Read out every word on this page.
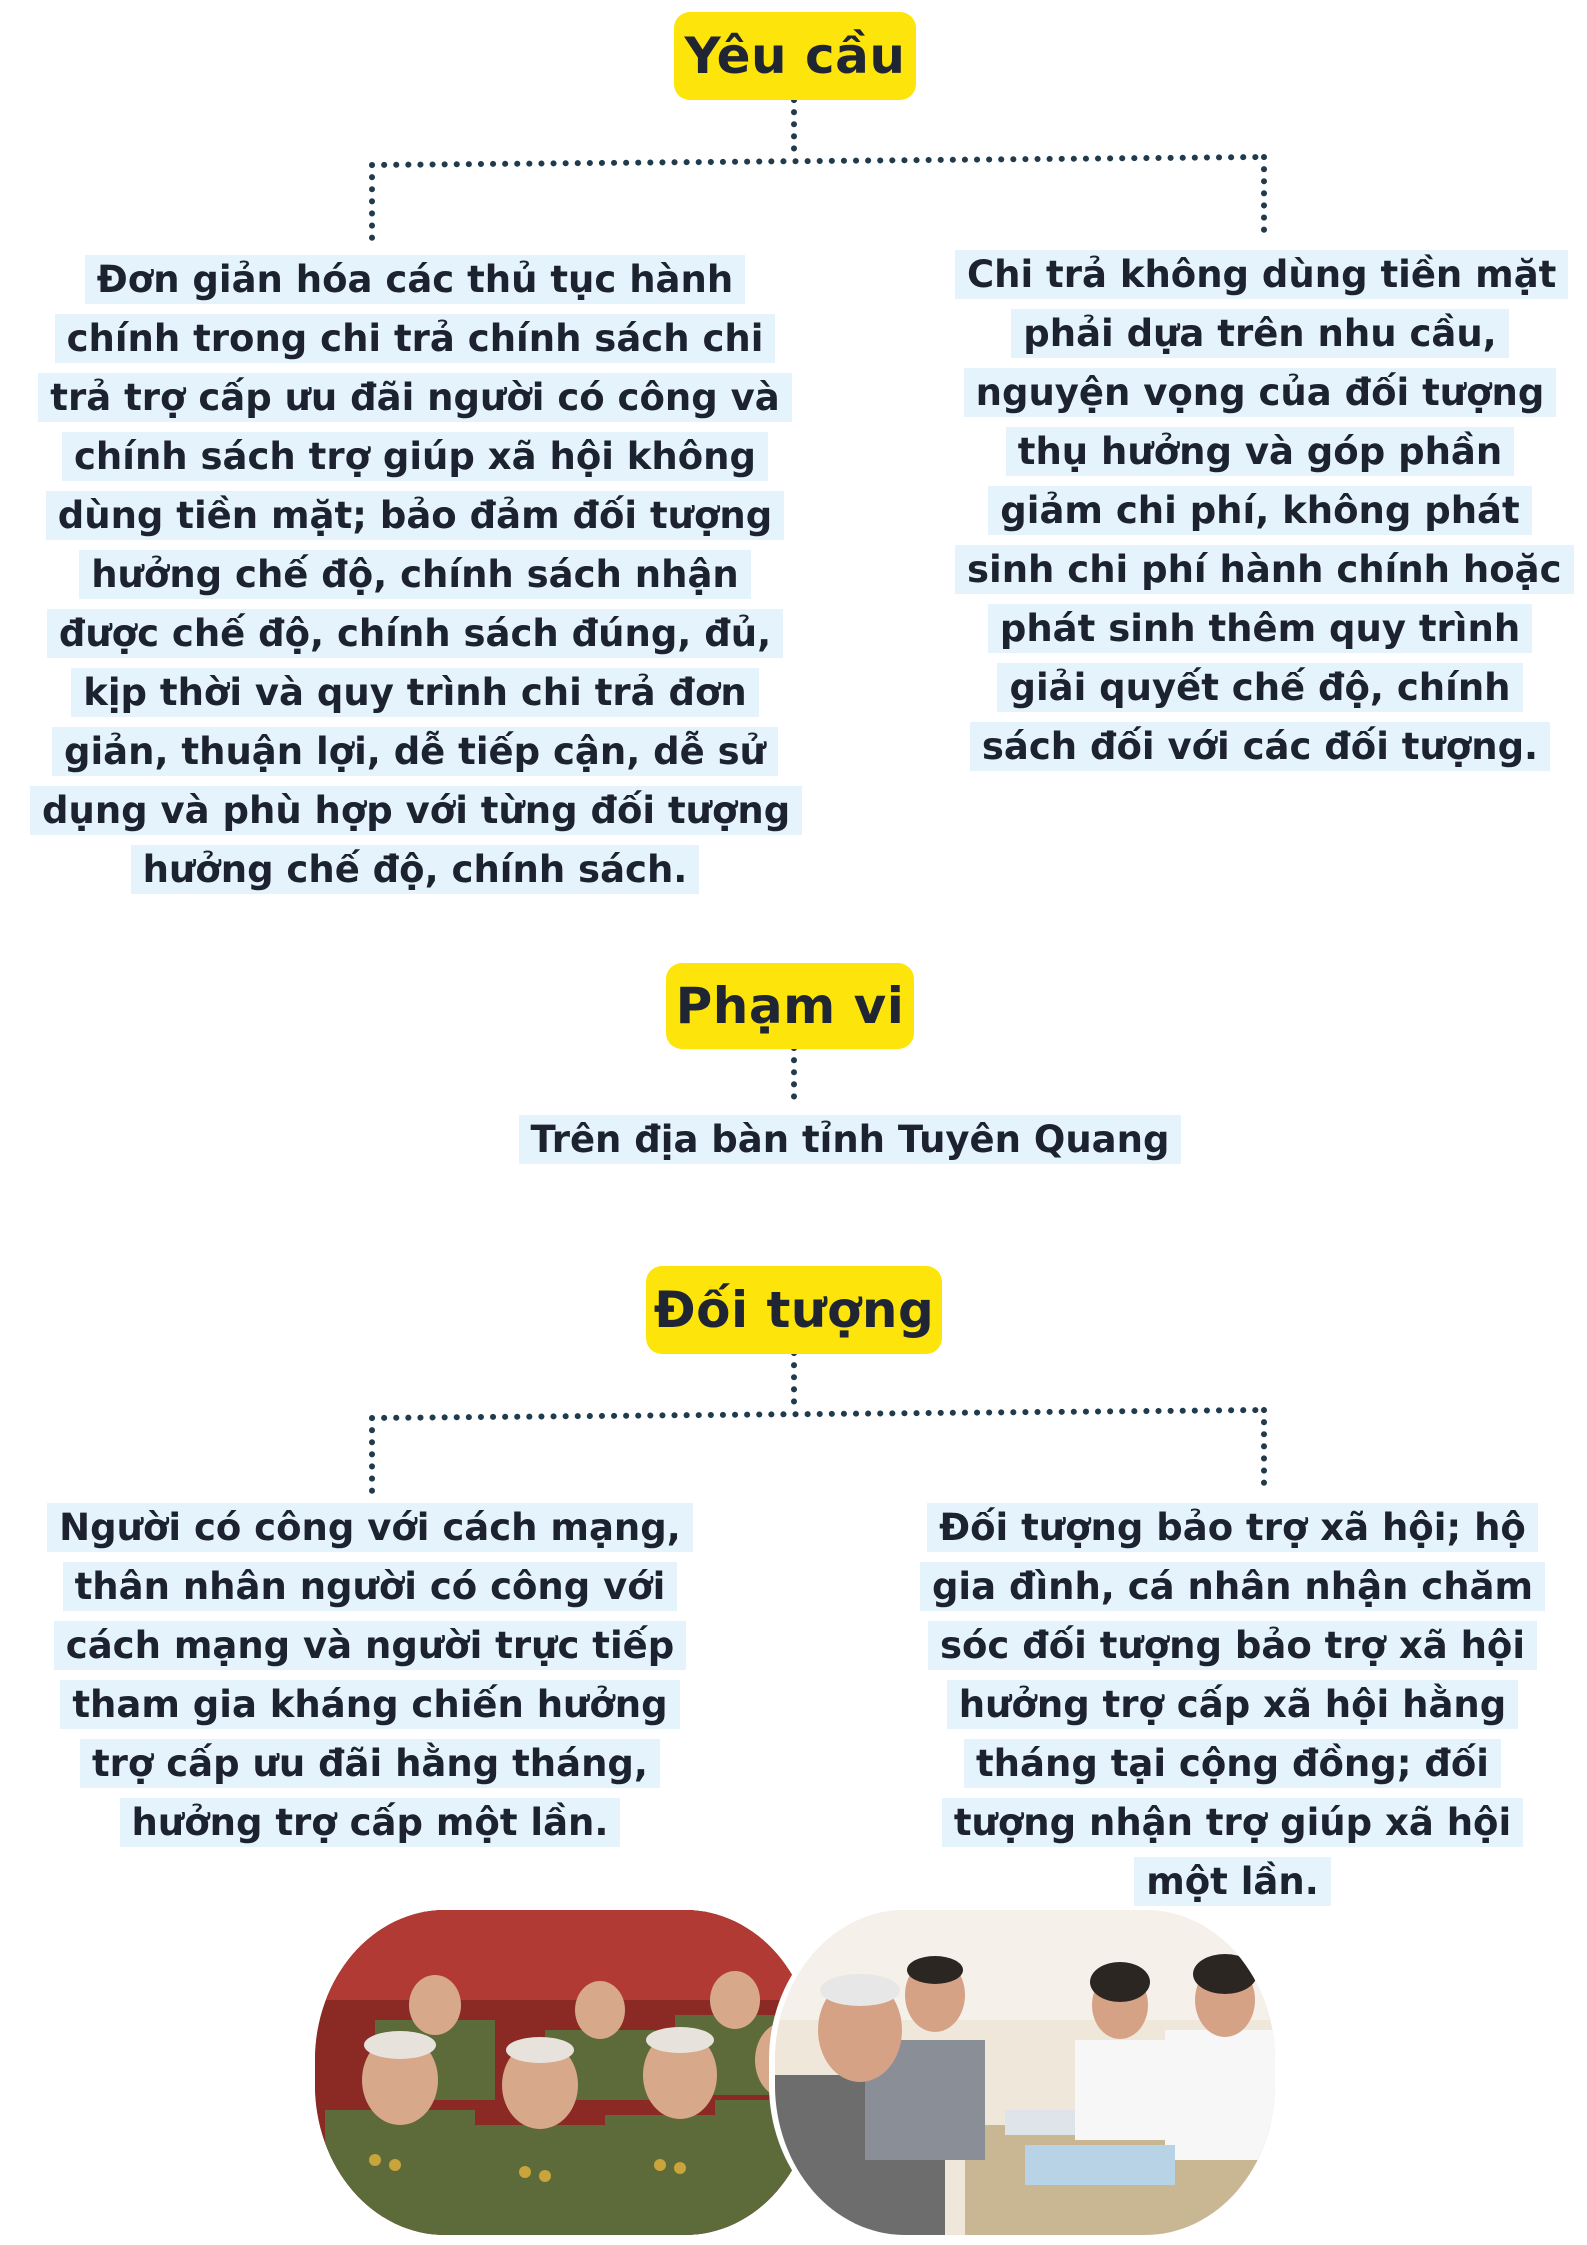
Yêu cầu
Đơn giản hóa các thủ tục hành chính trong chi trả chính sách chi trả trợ cấp ưu đãi người có công và chính sách trợ giúp xã hội không dùng tiền mặt; bảo đảm đối tượng hưởng chế độ, chính sách nhận được chế độ, chính sách đúng, đủ, kịp thời và quy trình chi trả đơn giản, thuận lợi, dễ tiếp cận, dễ sử dụng và phù hợp với từng đối tượng hưởng chế độ, chính sách.
Chi trả không dùng tiền mặt phải dựa trên nhu cầu, nguyện vọng của đối tượng thụ hưởng và góp phần giảm chi phí, không phát sinh chi phí hành chính hoặc phát sinh thêm quy trình giải quyết chế độ, chính sách đối với các đối tượng.
Phạm vi
Trên địa bàn tỉnh Tuyên Quang
Đối tượng
Người có công với cách mạng, thân nhân người có công với cách mạng và người trực tiếp tham gia kháng chiến hưởng trợ cấp ưu đãi hằng tháng, hưởng trợ cấp một lần.
Đối tượng bảo trợ xã hội; hộ gia đình, cá nhân nhận chăm sóc đối tượng bảo trợ xã hội hưởng trợ cấp xã hội hằng tháng tại cộng đồng; đối tượng nhận trợ giúp xã hội một lần.
